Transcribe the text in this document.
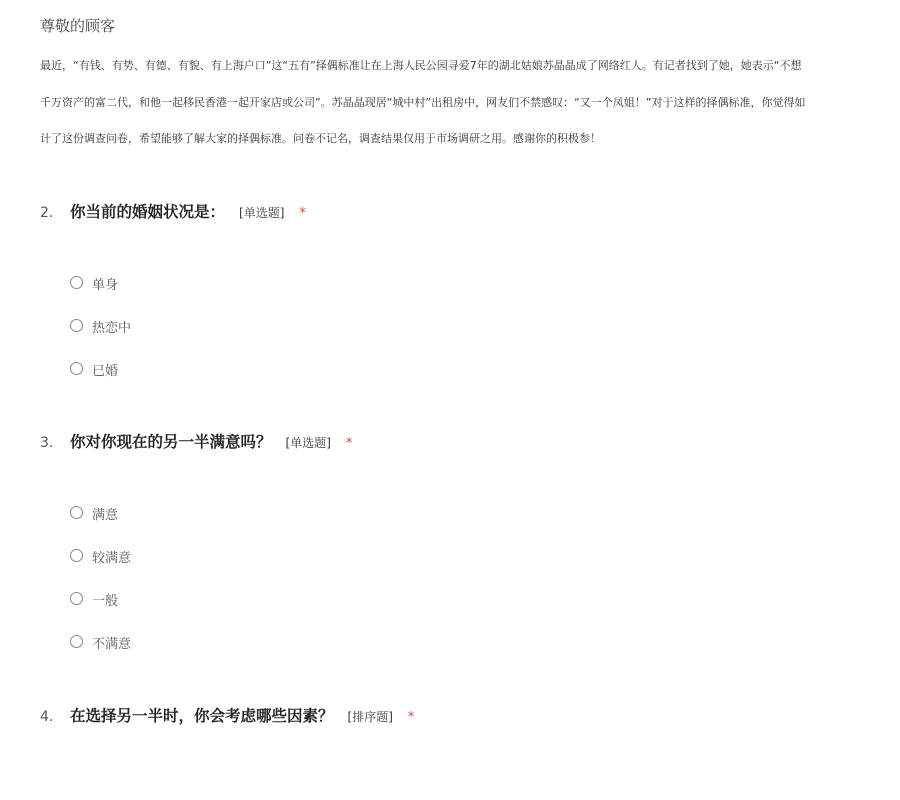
尊敬的顾客
最近，“有钱、有势、有德、有貌、有上海户口”这“五有”择偶标准让在上海人民公园寻爱7年的湖北姑娘苏晶晶成了网络红人。有记者找到了她，她表示“不想
千万资产的富二代，和他一起移民香港一起开家店或公司”。苏晶晶现居“城中村”出租房中，网友们不禁感叹：“又一个凤姐！”对于这样的择偶标准，你觉得如
计了这份调查问卷，希望能够了解大家的择偶标准。问卷不记名，调查结果仅用于市场调研之用。感谢你的积极参！
2.	你当前的婚姻状况是： [单选题] *
单身
热恋中
已婚
3.	你对你现在的另一半满意吗？ [单选题] *
满意
较满意
一般
不满意
4.	在选择另一半时，你会考虑哪些因素？ [排序题] *
